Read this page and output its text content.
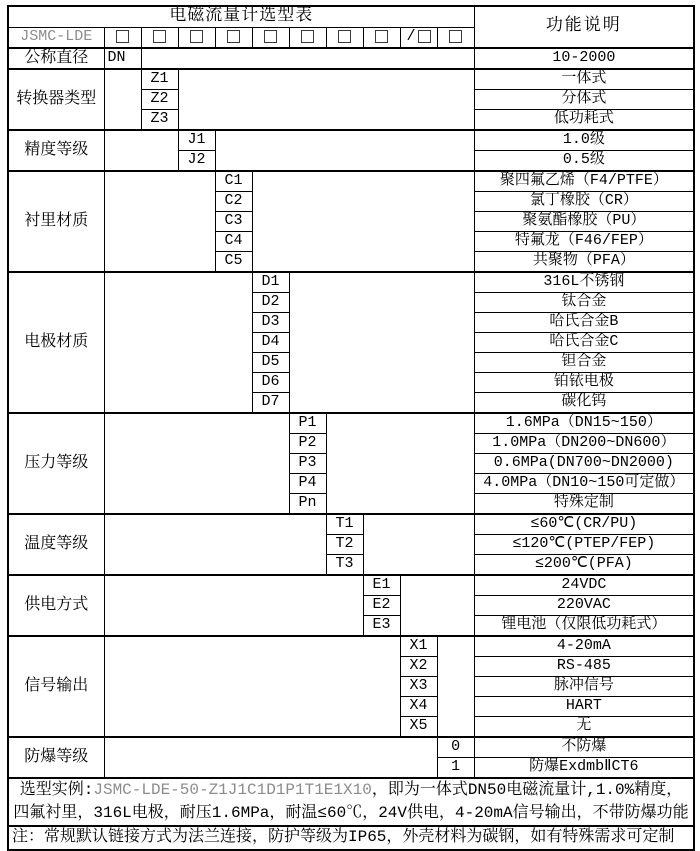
电磁流量计选型表											功能说明
JSMC-LDE									/		
公称直径	DN										10-2000
转换器类型		Z1									一体式
		Z2									分体式
		Z3									低功耗式
精度等级			J1								1.0级
			J2								0.5级
衬里材质				C1							聚四氟乙烯（F4/PTFE）
				C2							氯丁橡胶（CR）
				C3							聚氨酯橡胶（PU）
				C4							特氟龙（F46/FEP）
				C5							共聚物（PFA）
电极材质					D1						316L不锈钢
					D2						钛合金
					D3						哈氏合金B
					D4						哈氏合金C
					D5						钽合金
					D6						铂铱电极
					D7						碳化钨
压力等级						P1					1.6MPa（DN15~150）
						P2					1.0MPa（DN200~DN600）
						P3					0.6MPa(DN700~DN2000)
						P4					4.0MPa（DN10~150可定做）
						Pn					特殊定制
温度等级							T1				≤60℃(CR/PU)
							T2				≤120℃(PTEP/FEP)
							T3				≤200℃(PFA)
供电方式								E1			24VDC
								E2			220VAC
								E3			锂电池（仅限低功耗式）
信号输出									X1		4-20mA
									X2		RS-485
									X3		脉冲信号
									X4		HART
									X5		无
防爆等级										0	不防爆
										1	防爆ExdmbⅡCT6
选型实例:JSMC-LDE-50-Z1J1C1D1P1T1E1X10，即为一体式DN50电磁流量计,1.0%精度，四氟衬里，316L电极，耐压1.6MPa，耐温≤60℃，24V供电，4-20mA信号输出，不带防爆功能											
注：常规默认链接方式为法兰连接，防护等级为IP65，外壳材料为碳钢，如有特殊需求可定制											
